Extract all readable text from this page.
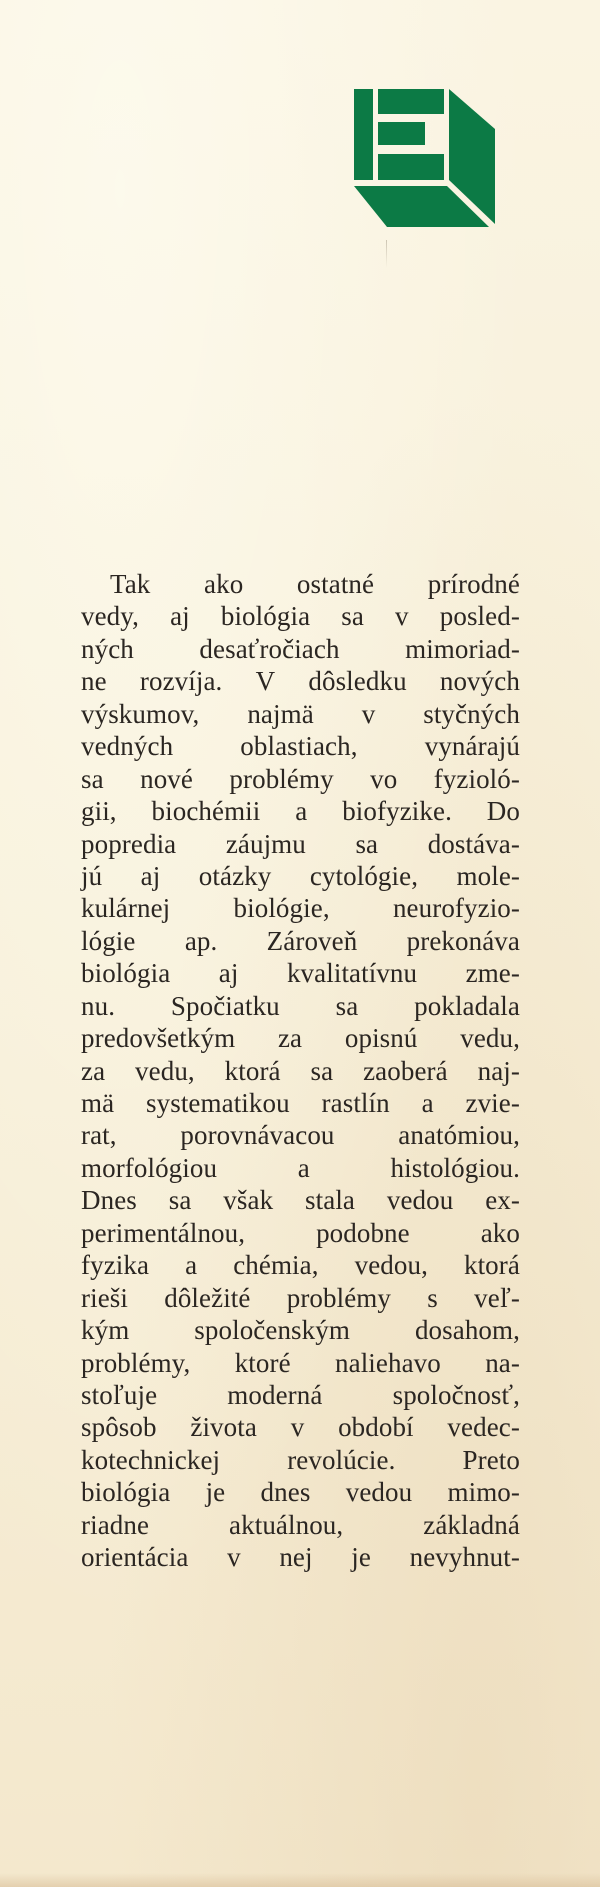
Tak ako ostatné prírodné
vedy, aj biológia sa v posled-
ných desaťročiach mimoriad-
ne rozvíja. V dôsledku nových
výskumov, najmä v styčných
vedných oblastiach, vynárajú
sa nové problémy vo fyzioló-
gii, biochémii a biofyzike. Do
popredia záujmu sa dostáva-
jú aj otázky cytológie, mole-
kulárnej biológie, neurofyzio-
lógie ap. Zároveň prekonáva
biológia aj kvalitatívnu zme-
nu. Spočiatku sa pokladala
predovšetkým za opisnú vedu,
za vedu, ktorá sa zaoberá naj-
mä systematikou rastlín a zvie-
rat, porovnávacou anatómiou,
morfológiou	a	histológiou.
Dnes sa však stala vedou ex-
perimentálnou,	podobne	ako
fyzika a chémia, vedou, ktorá
rieši dôležité problémy s veľ-
kým spoločenským dosahom,
problémy, ktoré naliehavo na-
stoľuje	moderná	spoločnosť,
spôsob života v období vedec-
kotechnickej revolúcie. Preto
biológia je dnes vedou mimo-
riadne	aktuálnou,	základná
orientácia v nej je nevyhnut-
